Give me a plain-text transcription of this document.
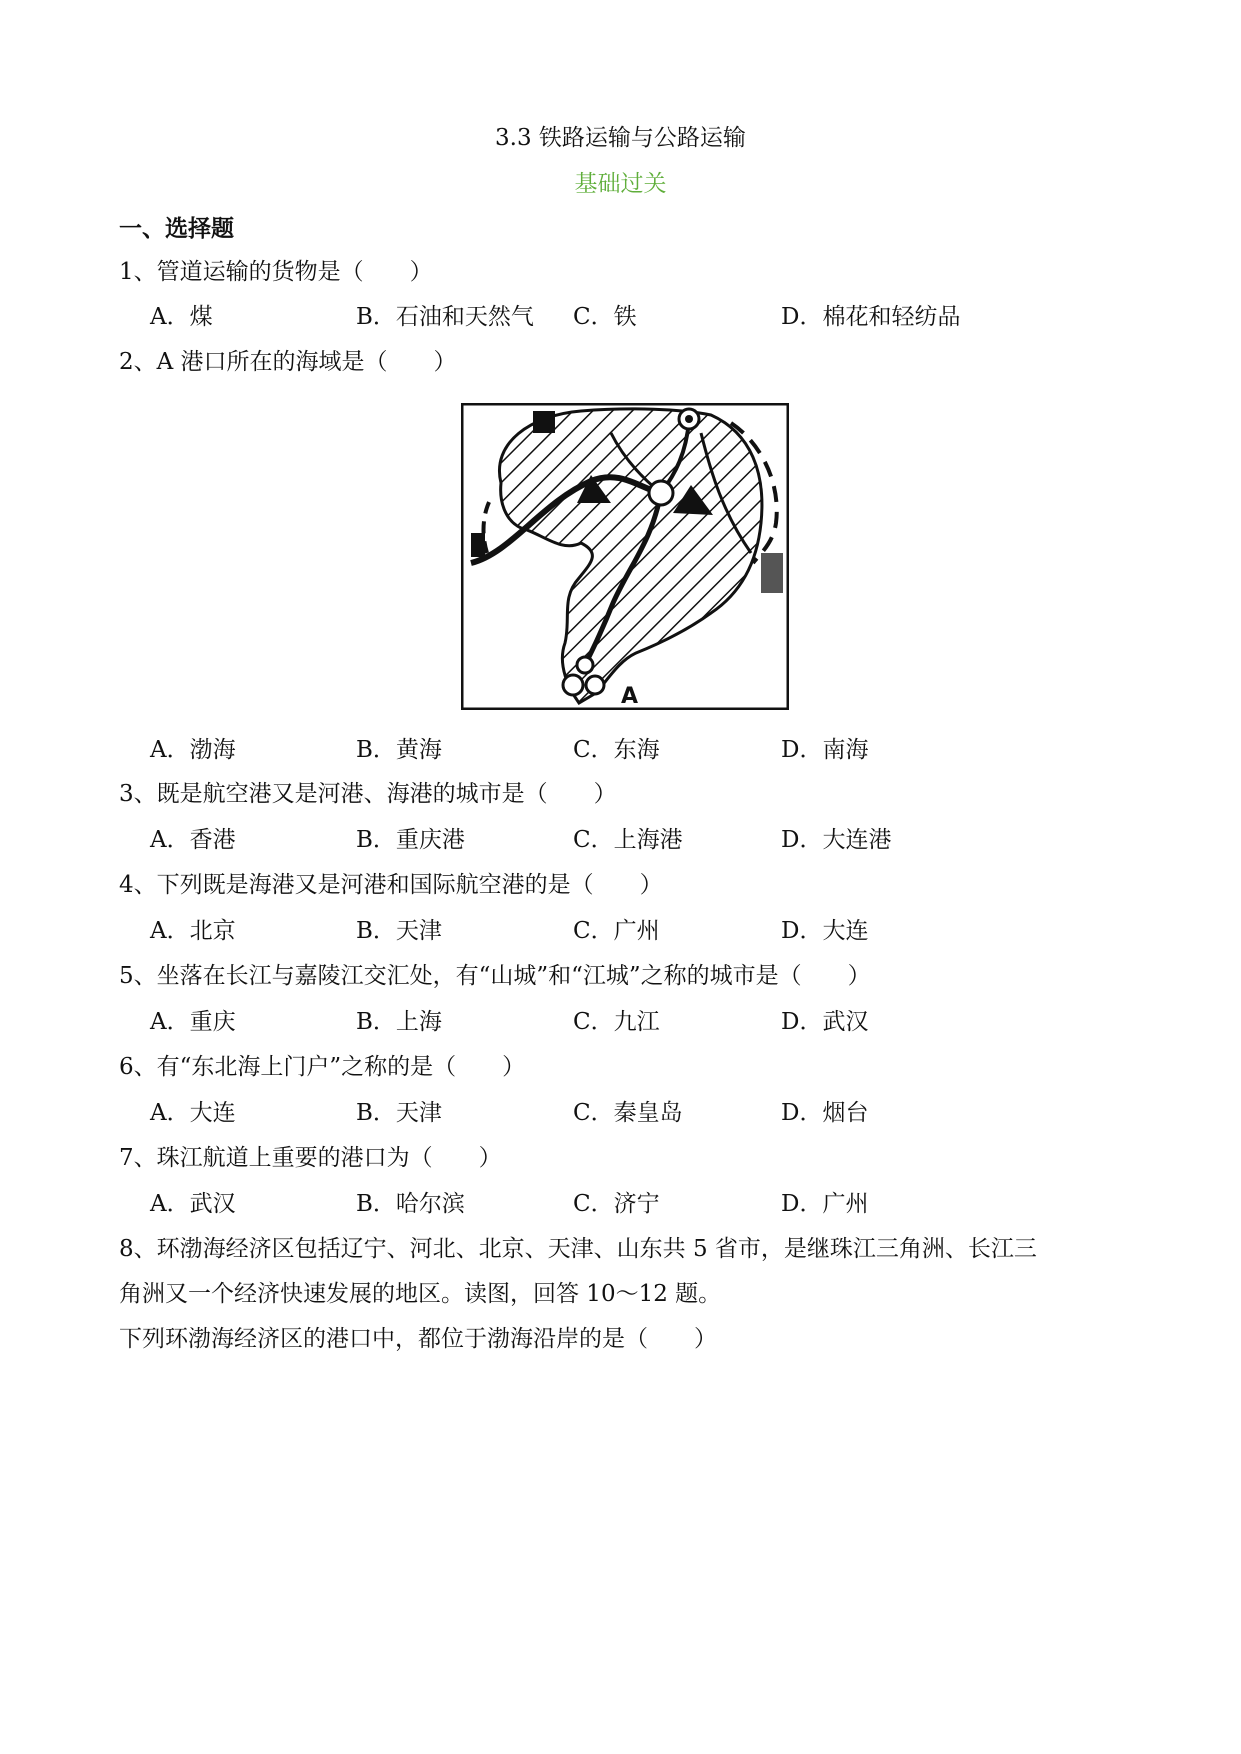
3.3 铁路运输与公路运输
基础过关
一、选择题
1、管道运输的货物是（　　）
A．煤	B．石油和天然气 C．铁	D．棉花和轻纺品
2、A 港口所在的海域是（　　）
A
A．渤海	B．黄海	C．东海	D．南海
3、既是航空港又是河港、海港的城市是（　　）
A．香港	B．重庆港	C．上海港	D．大连港
4、下列既是海港又是河港和国际航空港的是（　　）
A．北京	B．天津	C．广州	D．大连
5、坐落在长江与嘉陵江交汇处，有“山城”和“江城”之称的城市是（　　）
A．重庆	B．上海	C．九江	D．武汉
6、有“东北海上门户”之称的是（　　）
A．大连	B．天津	C．秦皇岛	D．烟台
7、珠江航道上重要的港口为（　　）
A．武汉	B．哈尔滨	C．济宁	D．广州
8、环渤海经济区包括辽宁、河北、北京、天津、山东共 5 省市，是继珠江三角洲、长江三
角洲又一个经济快速发展的地区。读图，回答 10～12 题。
下列环渤海经济区的港口中，都位于渤海沿岸的是（　　）
